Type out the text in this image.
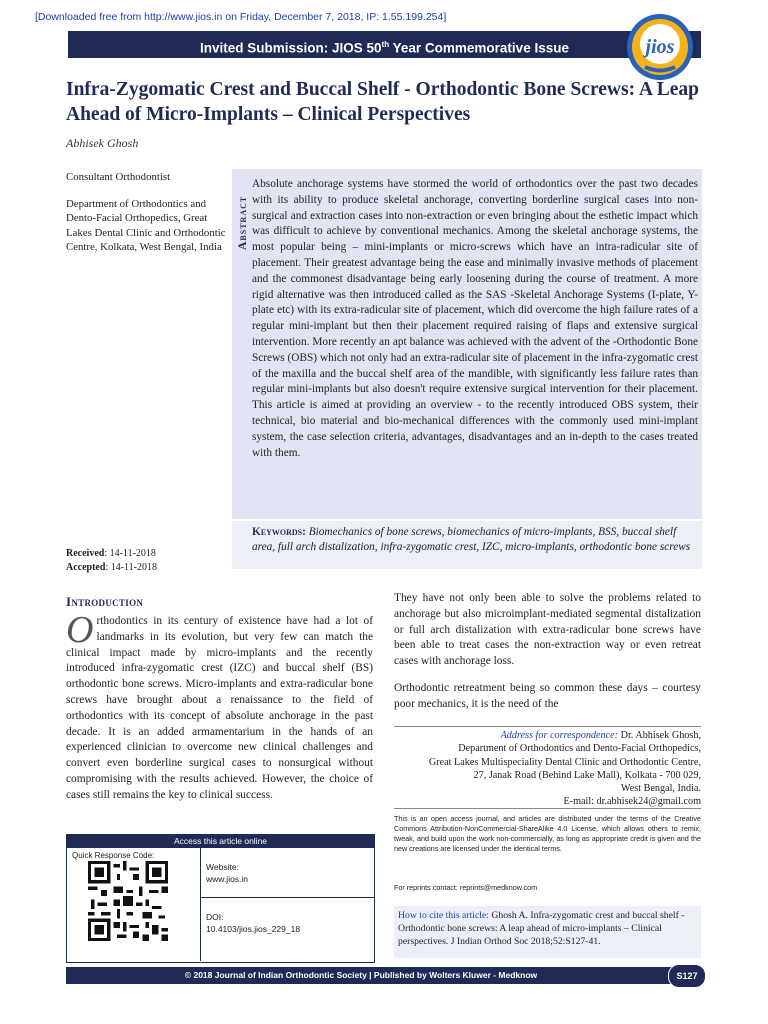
[Downloaded free from http://www.jios.in on Friday, December 7, 2018, IP: 1.55.199.254]
Invited Submission: JIOS 50th Year Commemorative Issue	jios
Infra-Zygomatic Crest and Buccal Shelf - Orthodontic Bone Screws: A Leap Ahead of Micro-Implants – Clinical Perspectives
Abhisek Ghosh

Consultant Orthodontist

Department of Orthodontics and Dento-Facial Orthopedics, Great Lakes Dental Clinic and Orthodontic Centre, Kolkata, West Bengal, India	Abstract
Absolute anchorage systems have stormed the world of orthodontics over the past two decades with its ability to produce skeletal anchorage, converting borderline surgical cases into non-surgical and extraction cases into non-extraction or even bringing about the esthetic impact which was difficult to achieve by conventional mechanics. Among the skeletal anchorage systems, the most popular being – mini-implants or micro-screws which have an intra-radicular site of placement. Their greatest advantage being the ease and minimally invasive methods of placement and the commonest disadvantage being early loosening during the course of treatment. A more rigid alternative was then introduced called as the SAS -Skeletal Anchorage Systems (I-plate, Y-plate etc) with its extra-radicular site of placement, which did overcome the high failure rates of a regular mini-implant but then their placement required raising of flaps and extensive surgical intervention. More recently an apt balance was achieved with the advent of the -Orthodontic Bone Screws (OBS) which not only had an extra-radicular site of placement in the infra-zygomatic crest of the maxilla and the buccal shelf area of the mandible, with significantly less failure rates than regular mini-implants but also doesn't require extensive surgical intervention for their placement. This article is aimed at providing an overview - to the recently introduced OBS system, their technical, bio material and bio-mechanical differences with the commonly used mini-implant system, the case selection criteria, advantages, disadvantages and an in-depth to the cases treated with them.
Keywords: Biomechanics of bone screws, biomechanics of micro-implants, BSS, buccal shelf area, full arch distalization, infra-zygomatic crest, IZC, micro-implants, orthodontic bone screws
Received: 14-11-2018
Accepted: 14-11-2018
Introduction
Orthodontics in its century of existence have had a lot of landmarks in its evolution, but very few can match the clinical impact made by micro-implants and the recently introduced infra-zygomatic crest (IZC) and buccal shelf (BS) orthodontic bone screws. Micro-implants and extra-radicular bone screws have brought about a renaissance to the field of orthodontics with its concept of absolute anchorage in the past decade. It is an added armamentarium in the hands of an experienced clinician to overcome new clinical challenges and convert even borderline surgical cases to nonsurgical without compromising with the results achieved. However, the choice of cases still remains the key to clinical success.
They have not only been able to solve the problems related to anchorage but also microimplant-mediated segmental distalization or full arch distalization with extra-radicular bone screws have been able to treat cases the non-extraction way or even retreat cases with anchorage loss.
Orthodontic retreatment being so common these days – courtesy poor mechanics, it is the need of the
Address for correspondence: Dr. Abhisek Ghosh,
Department of Orthodontics and Dento-Facial Orthopedics,
Great Lakes Multispeciality Dental Clinic and Orthodontic Centre,
27, Janak Road (Behind Lake Mall), Kolkata - 700 029,
West Bengal, India.
E-mail: dr.abhisek24@gmail.com
This is an open access journal, and articles are distributed under the terms of the Creative Commons Attribution-NonCommercial-ShareAlike 4.0 License, which allows others to remix, tweak, and build upon the work non-commercially, as long as appropriate credit is given and the new creations are licensed under the identical terms.
For reprints contact: reprints@medknow.com
How to cite this article: Ghosh A. Infra-zygomatic crest and buccal shelf - Orthodontic bone screws: A leap ahead of micro-implants – Clinical perspectives. J Indian Orthod Soc 2018;52:S127-41.
Access this article online
Quick Response Code:
Website:
www.jios.in
DOI:
10.4103/jios.jios_229_18
© 2018 Journal of Indian Orthodontic Society | Published by Wolters Kluwer - Medknow	S127
